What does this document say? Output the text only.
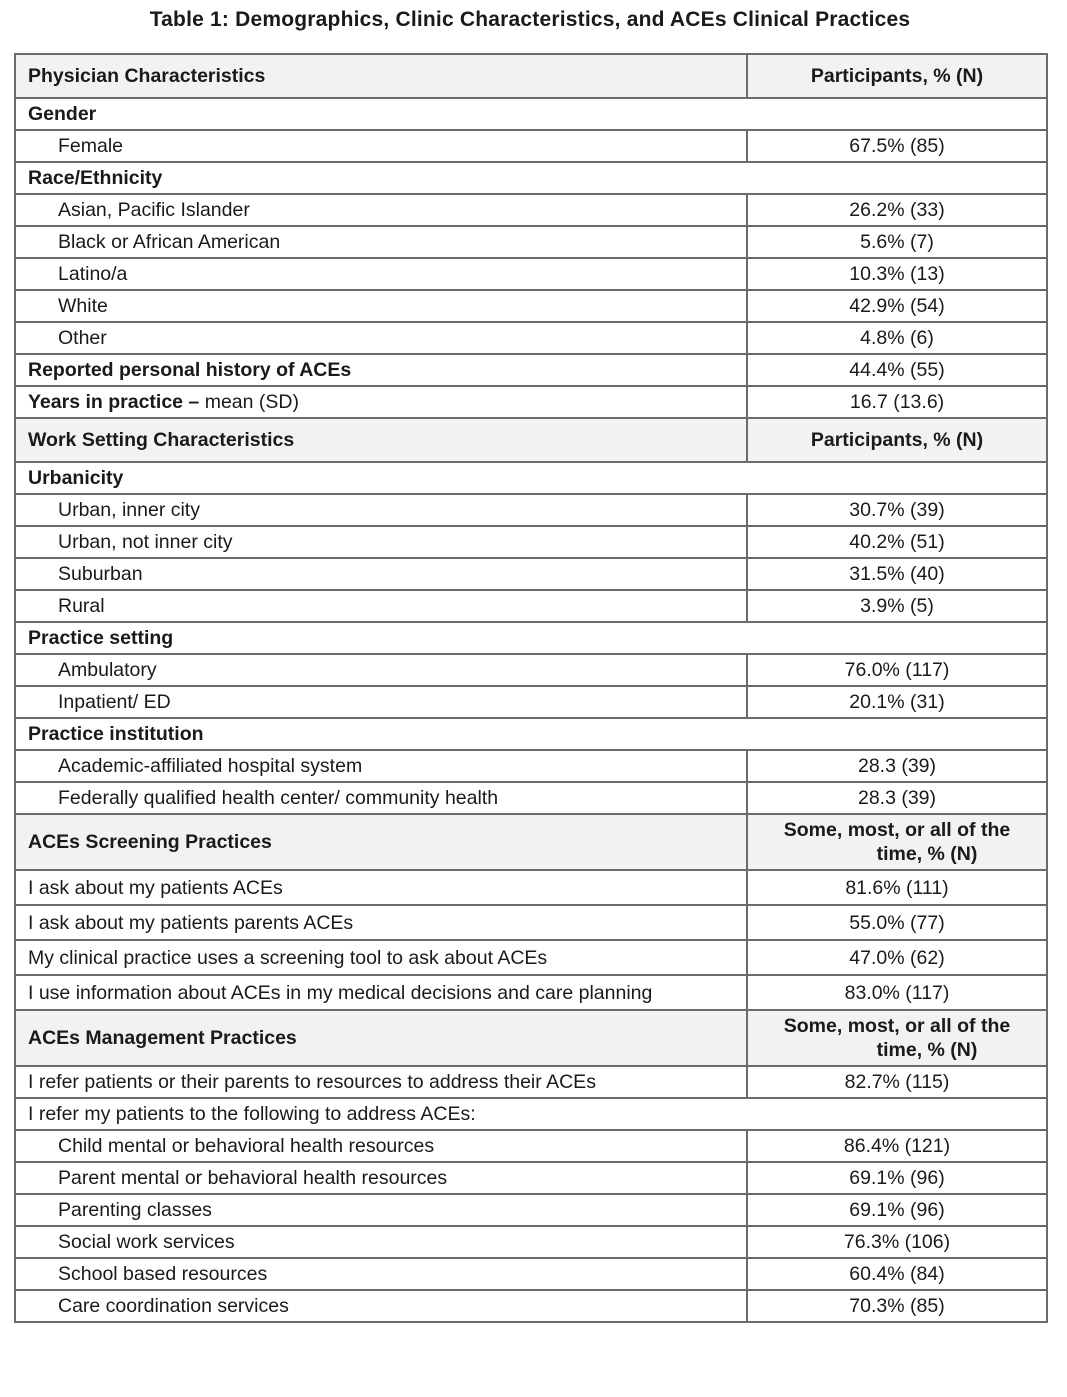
Table 1: Demographics, Clinic Characteristics, and ACEs Clinical Practices
Physician Characteristics	Participants, % (N)
Gender	
Female	67.5% (85)
Race/Ethnicity	
Asian, Pacific Islander	26.2% (33)
Black or African American	5.6% (7)
Latino/a	10.3% (13)
White	42.9% (54)
Other	4.8% (6)
Reported personal history of ACEs	44.4% (55)
Years in practice – mean (SD)	16.7 (13.6)
Work Setting Characteristics	Participants, % (N)
Urbanicity	
Urban, inner city	30.7% (39)
Urban, not inner city	40.2% (51)
Suburban	31.5% (40)
Rural	3.9% (5)
Practice setting	
Ambulatory	76.0% (117)
Inpatient/ ED	20.1% (31)
Practice institution	
Academic-affiliated hospital system	28.3 (39)
Federally qualified health center/ community health	28.3 (39)
ACEs Screening Practices	Some, most, or all of the
time, % (N)
I ask about my patients ACEs	81.6% (111)
I ask about my patients parents ACEs	55.0% (77)
My clinical practice uses a screening tool to ask about ACEs	47.0% (62)
I use information about ACEs in my medical decisions and care planning	83.0% (117)
ACEs Management Practices	Some, most, or all of the
time, % (N)
I refer patients or their parents to resources to address their ACEs	82.7% (115)
I refer my patients to the following to address ACEs:	
Child mental or behavioral health resources	86.4% (121)
Parent mental or behavioral health resources	69.1% (96)
Parenting classes	69.1% (96)
Social work services	76.3% (106)
School based resources	60.4% (84)
Care coordination services	70.3% (85)
